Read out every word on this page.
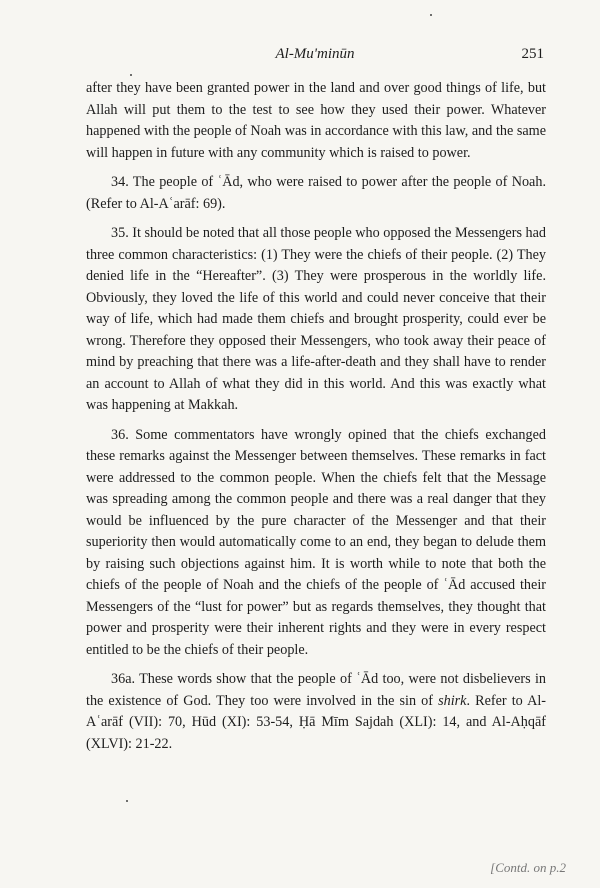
Al-Mu'minūn	251

after they have been granted power in the land and over good things of life, but Allah will put them to the test to see how they used their power. Whatever happened with the people of Noah was in accordance with this law, and the same will happen in future with any community which is raised to power.

34. The people of ʿĀd, who were raised to power after the people of Noah. (Refer to Al-Aʿarāf: 69).

35. It should be noted that all those people who opposed the Messengers had three common characteristics: (1) They were the chiefs of their people. (2) They denied life in the “Hereafter”. (3) They were prosperous in the worldly life. Obviously, they loved the life of this world and could never conceive that their way of life, which had made them chiefs and brought prosperity, could ever be wrong. Therefore they opposed their Messengers, who took away their peace of mind by preaching that there was a life-after-death and they shall have to render an account to Allah of what they did in this world. And this was exactly what was happening at Makkah.

36. Some commentators have wrongly opined that the chiefs exchanged these remarks against the Messenger between themselves. These remarks in fact were addressed to the common people. When the chiefs felt that the Message was spreading among the common people and there was a real danger that they would be influenced by the pure character of the Messenger and that their superiority then would automatically come to an end, they began to delude them by raising such objections against him. It is worth while to note that both the chiefs of the people of Noah and the chiefs of the people of ʿĀd accused their Messengers of the “lust for power” but as regards themselves, they thought that power and prosperity were their inherent rights and they were in every respect entitled to be the chiefs of their people.

36a. These words show that the people of ʿĀd too, were not disbelievers in the existence of God. They too were involved in the sin of shirk. Refer to Al-Aʿarāf (VII): 70, Hūd (XI): 53-54, Ḥā Mīm Sajdah (XLI): 14, and Al-Aḥqāf (XLVI): 21-22.

[Contd. on p.2
